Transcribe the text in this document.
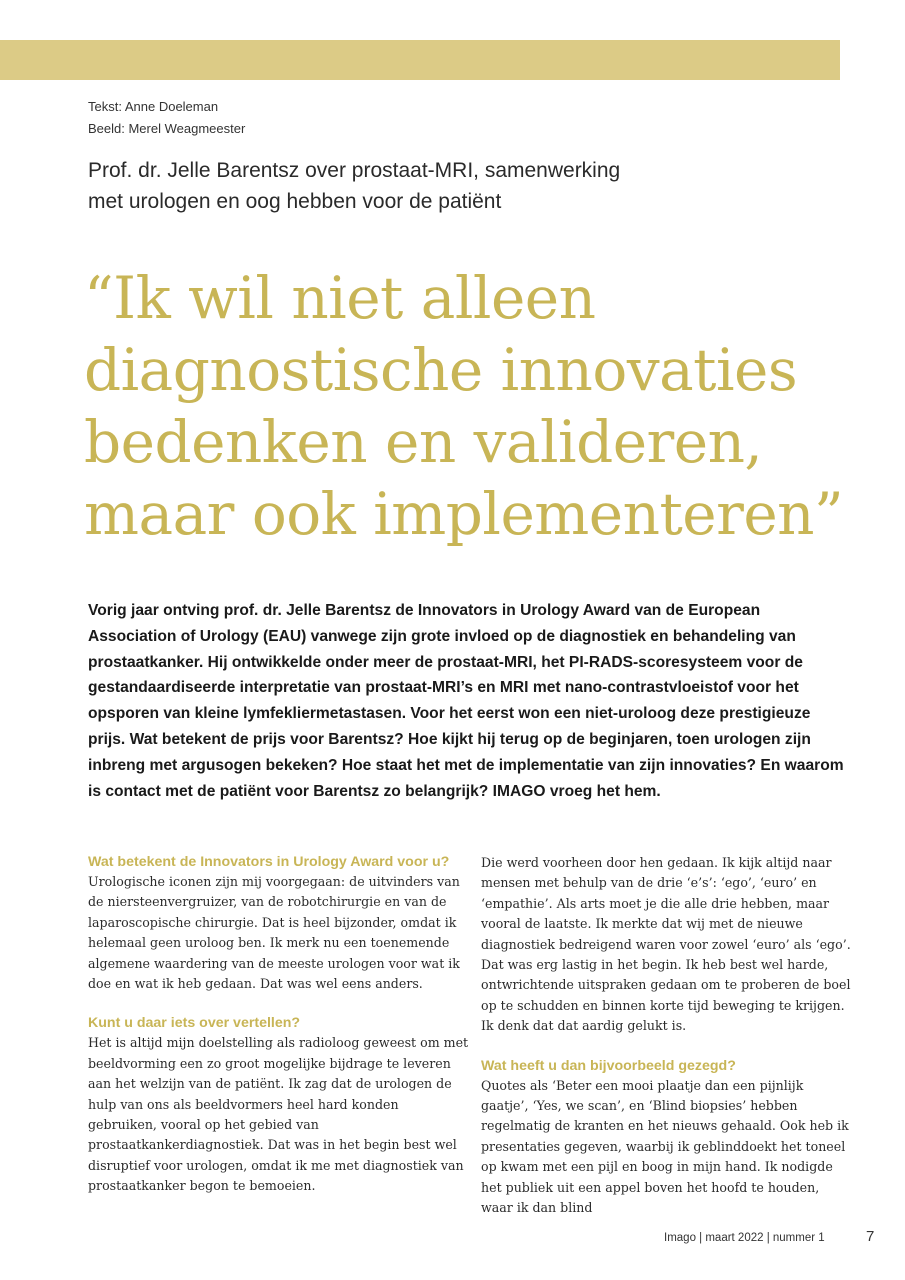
Tekst: Anne Doeleman
Beeld: Merel Weagmeester
Prof. dr. Jelle Barentsz over prostaat-MRI, samenwerking
met urologen en oog hebben voor de patiënt
“Ik wil niet alleen
diagnostische innovaties
bedenken en valideren,
maar ook implementeren”
Vorig jaar ontving prof. dr. Jelle Barentsz de Innovators in Urology Award van de European Association of Urology (EAU) vanwege zijn grote invloed op de diagnostiek en behandeling van prostaatkanker. Hij ontwikkelde onder meer de prostaat-MRI, het PI-RADS-scoresysteem voor de gestandaardiseerde interpretatie van prostaat-MRI’s en MRI met nano-contrastvloeistof voor het opsporen van kleine lymfekliermetastasen. Voor het eerst won een niet-uroloog deze prestigieuze prijs. Wat betekent de prijs voor Barentsz? Hoe kijkt hij terug op de beginjaren, toen urologen zijn inbreng met argusogen bekeken? Hoe staat het met de implementatie van zijn innovaties? En waarom is contact met de patiënt voor Barentsz zo belangrijk? IMAGO vroeg het hem.
Wat betekent de Innovators in Urology Award voor u?

Urologische iconen zijn mij voorgegaan: de uitvinders van de niersteenvergruizer, van de robotchirurgie en van de laparoscopische chirurgie. Dat is heel bijzonder, omdat ik helemaal geen uroloog ben. Ik merk nu een toenemende algemene waardering van de meeste urologen voor wat ik doe en wat ik heb gedaan. Dat was wel eens anders.

Kunt u daar iets over vertellen?

Het is altijd mijn doelstelling als radioloog geweest om met beeldvorming een zo groot mogelijke bijdrage te leveren aan het welzijn van de patiënt. Ik zag dat de urologen de hulp van ons als beeldvormers heel hard konden gebruiken, vooral op het gebied van prostaatkankerdiagnostiek. Dat was in het begin best wel disruptief voor urologen, omdat ik me met diagnostiek van prostaatkanker begon te bemoeien.

Die werd voorheen door hen gedaan. Ik kijk altijd naar mensen met behulp van de drie ‘e’s’: ‘ego’, ‘euro’ en ‘empathie’. Als arts moet je die alle drie hebben, maar vooral de laatste. Ik merkte dat wij met de nieuwe diagnostiek bedreigend waren voor zowel ‘euro’ als ‘ego’. Dat was erg lastig in het begin. Ik heb best wel harde, ontwrichtende uitspraken gedaan om te proberen de boel op te schudden en binnen korte tijd beweging te krijgen.

Ik denk dat dat aardig gelukt is.

Wat heeft u dan bijvoorbeeld gezegd?

Quotes als ‘Beter een mooi plaatje dan een pijnlijk gaatje’, ‘Yes, we scan’, en ‘Blind biopsies’ hebben regelmatig de kranten en het nieuws gehaald. Ook heb ik presentaties gegeven, waarbij ik geblinddoekt het toneel op kwam met een pijl en boog in mijn hand. Ik nodigde het publiek uit een appel boven het hoofd te houden, waar ik dan blind

Imago | maart 2022 | nummer 1	7
